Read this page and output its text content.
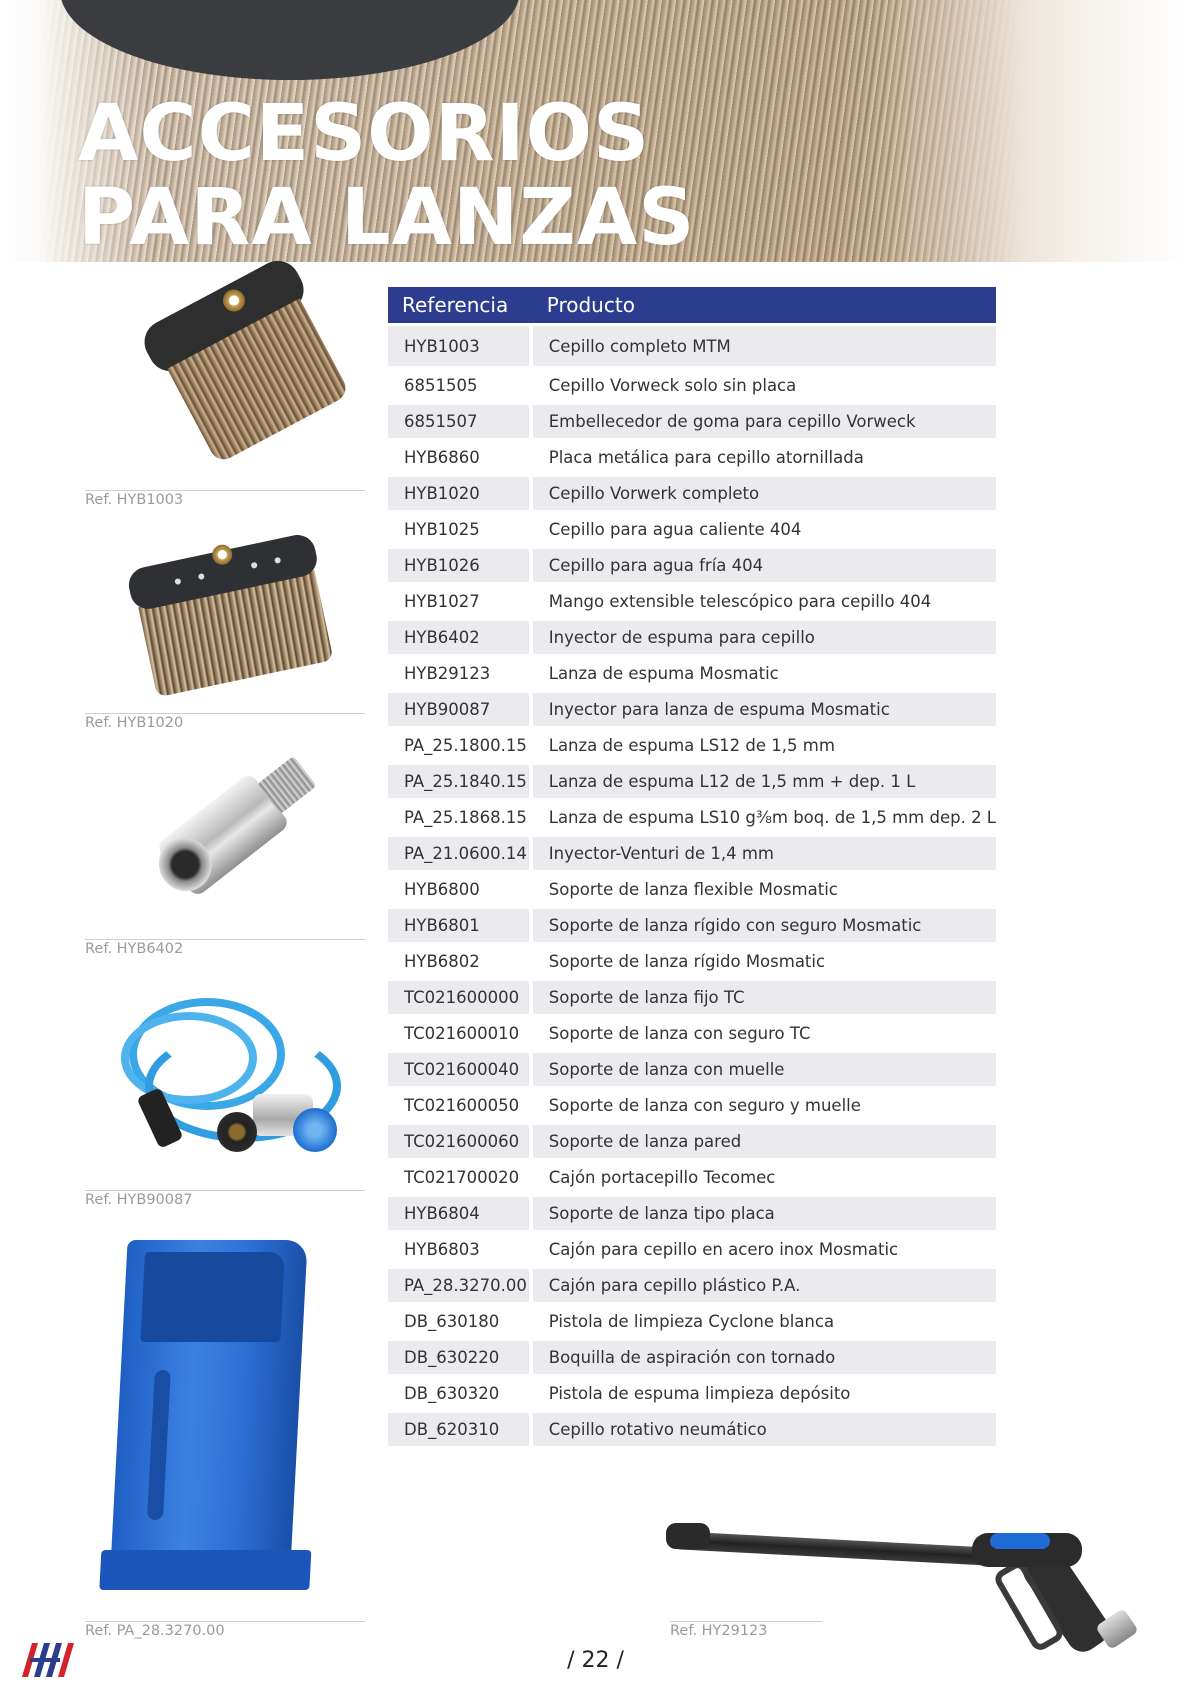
ACCESORIOS
PARA LANZAS
Ref. HYB1003
Ref. HYB1020
Ref. HYB6402
Ref. HYB90087
Ref. PA_28.3270.00
Referencia	Producto
HYB1003	Cepillo completo MTM
6851505	Cepillo Vorweck solo sin placa
6851507	Embellecedor de goma para cepillo Vorweck
HYB6860	Placa metálica para cepillo atornillada
HYB1020	Cepillo Vorwerk completo
HYB1025	Cepillo para agua caliente 404
HYB1026	Cepillo para agua fría 404
HYB1027	Mango extensible telescópico para cepillo 404
HYB6402	Inyector de espuma para cepillo
HYB29123	Lanza de espuma Mosmatic
HYB90087	Inyector para lanza de espuma Mosmatic
PA_25.1800.15	Lanza de espuma LS12 de 1,5 mm
PA_25.1840.15	Lanza de espuma L12 de 1,5 mm + dep. 1 L
PA_25.1868.15	Lanza de espuma LS10 g⅜m boq. de 1,5 mm dep. 2 L
PA_21.0600.14	Inyector-Venturi de 1,4 mm
HYB6800	Soporte de lanza flexible Mosmatic
HYB6801	Soporte de lanza rígido con seguro Mosmatic
HYB6802	Soporte de lanza rígido Mosmatic
TC021600000	Soporte de lanza fijo TC
TC021600010	Soporte de lanza con seguro TC
TC021600040	Soporte de lanza con muelle
TC021600050	Soporte de lanza con seguro y muelle
TC021600060	Soporte de lanza pared
TC021700020	Cajón portacepillo Tecomec
HYB6804	Soporte de lanza tipo placa
HYB6803	Cajón para cepillo en acero inox Mosmatic
PA_28.3270.00	Cajón para cepillo plástico P.A.
DB_630180	Pistola de limpieza Cyclone blanca
DB_630220	Boquilla de aspiración con tornado
DB_630320	Pistola de espuma limpieza depósito
DB_620310	Cepillo rotativo neumático
Ref. HY29123
/ 22 /
